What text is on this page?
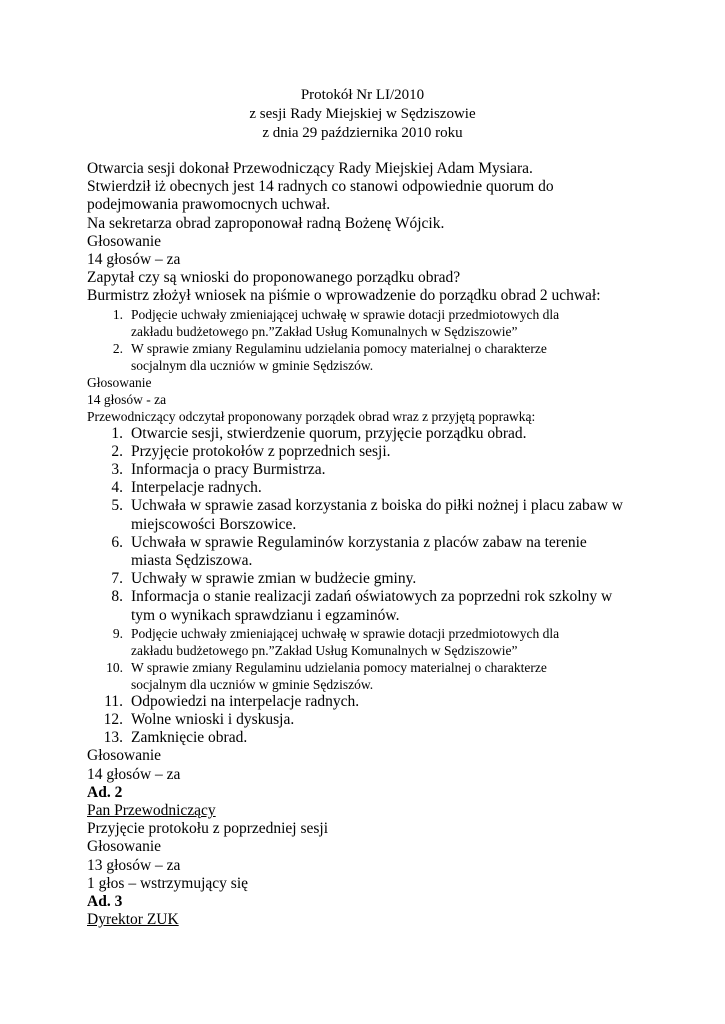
Protokół Nr LI/2010
z sesji Rady Miejskiej w Sędziszowie
z dnia 29 października 2010 roku

Otwarcia sesji dokonał Przewodniczący Rady Miejskiej Adam Mysiara.

Stwierdził iż obecnych jest 14 radnych co stanowi odpowiednie quorum do

podejmowania prawomocnych uchwał.

Na sekretarza obrad zaproponował radną Bożenę Wójcik.

Głosowanie

14 głosów – za

Zapytał czy są wnioski do proponowanego porządku obrad?

Burmistrz złożył wniosek na piśmie o wprowadzenie do porządku obrad 2 uchwał:

1. Podjęcie uchwały zmieniającej uchwałę w sprawie dotacji przedmiotowych dla
zakładu budżetowego pn.”Zakład Usług Komunalnych w Sędziszowie”
2. W sprawie zmiany Regulaminu udzielania pomocy materialnej o charakterze
socjalnym dla uczniów w gminie Sędziszów.

Głosowanie

14 głosów - za

Przewodniczący odczytał proponowany porządek obrad wraz z przyjętą poprawką:

1. Otwarcie sesji, stwierdzenie quorum, przyjęcie porządku obrad.
2. Przyjęcie protokołów z poprzednich sesji.
3. Informacja o pracy Burmistrza.
4. Interpelacje radnych.
5. Uchwała w sprawie zasad korzystania z boiska do piłki nożnej i placu zabaw w
miejscowości Borszowice.
6. Uchwała w sprawie Regulaminów korzystania z placów zabaw na terenie
miasta Sędziszowa.
7. Uchwały w sprawie zmian w budżecie gminy.
8. Informacja o stanie realizacji zadań oświatowych za poprzedni rok szkolny w
tym o wynikach sprawdzianu i egzaminów.
9. Podjęcie uchwały zmieniającej uchwałę w sprawie dotacji przedmiotowych dla
zakładu budżetowego pn.”Zakład Usług Komunalnych w Sędziszowie”
10. W sprawie zmiany Regulaminu udzielania pomocy materialnej o charakterze
socjalnym dla uczniów w gminie Sędziszów.
11. Odpowiedzi na interpelacje radnych.
12. Wolne wnioski i dyskusja.
13. Zamknięcie obrad.

Głosowanie

14 głosów – za

Ad. 2

Pan Przewodniczący

Przyjęcie protokołu z poprzedniej sesji

Głosowanie

13 głosów – za

1 głos – wstrzymujący się

Ad. 3

Dyrektor ZUK
